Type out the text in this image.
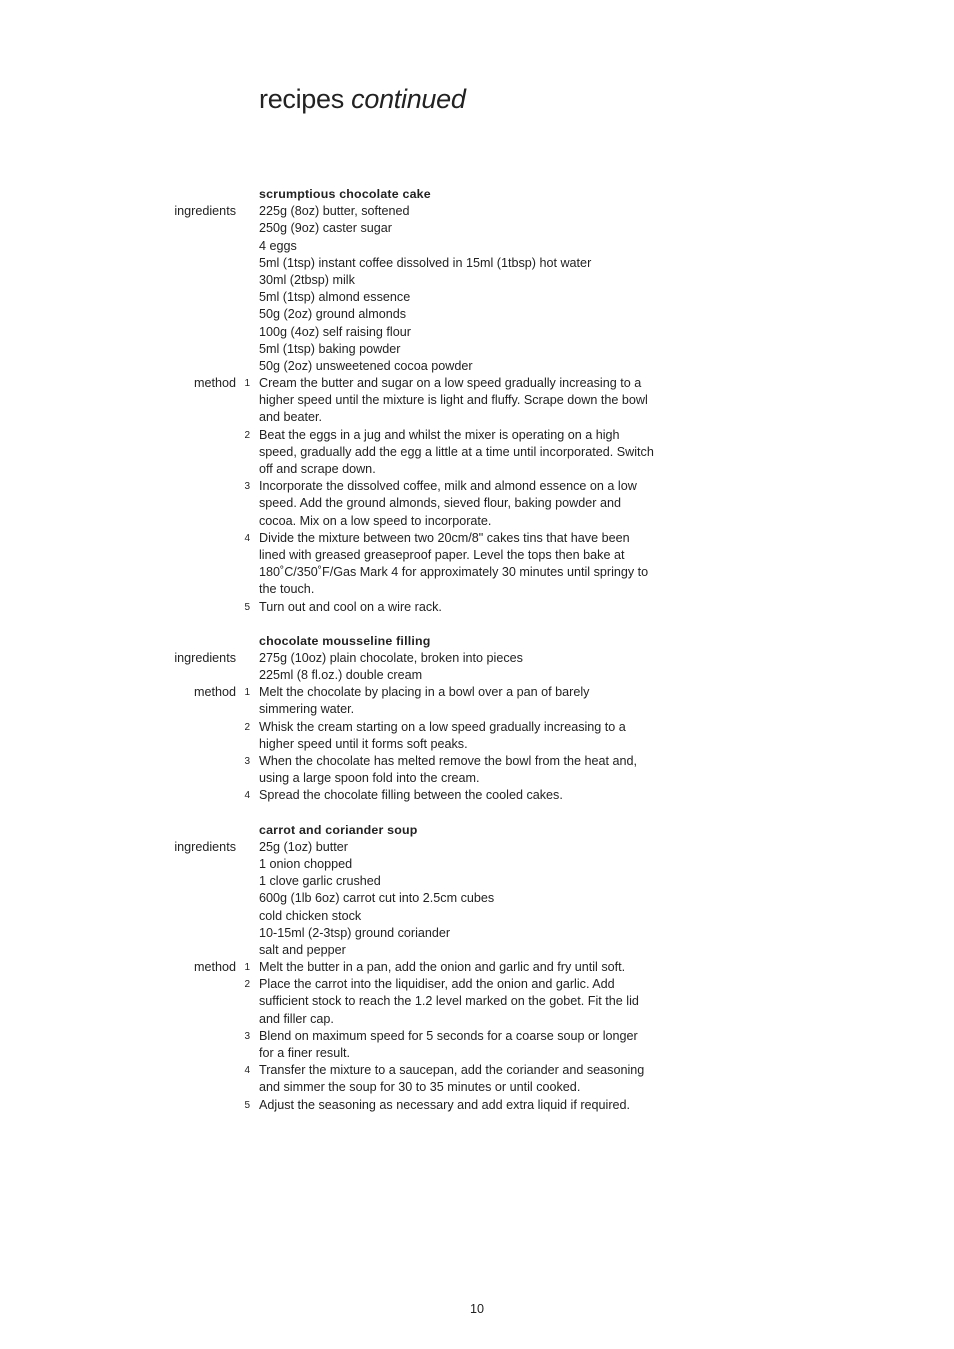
recipes continued
scrumptious chocolate cake
ingredients 225g (8oz) butter, softened
250g (9oz) caster sugar
4 eggs
5ml (1tsp) instant coffee dissolved in 15ml (1tbsp) hot water
30ml (2tbsp) milk
5ml (1tsp) almond essence
50g (2oz) ground almonds
100g (4oz) self raising flour
5ml (1tsp) baking powder
50g (2oz) unsweetened cocoa powder
method 1 Cream the butter and sugar on a low speed gradually increasing to a
higher speed until the mixture is light and fluffy. Scrape down the bowl
and beater.
2 Beat the eggs in a jug and whilst the mixer is operating on a high
speed, gradually add the egg a little at a time until incorporated. Switch
off and scrape down.
3 Incorporate the dissolved coffee, milk and almond essence on a low
speed. Add the ground almonds, sieved flour, baking powder and
cocoa. Mix on a low speed to incorporate.
4 Divide the mixture between two 20cm/8" cakes tins that have been
lined with greased greaseproof paper. Level the tops then bake at
180˚C/350˚F/Gas Mark 4 for approximately 30 minutes until springy to
the touch.
5 Turn out and cool on a wire rack.
chocolate mousseline filling
ingredients 275g (10oz) plain chocolate, broken into pieces
225ml (8 fl.oz.) double cream
method 1 Melt the chocolate by placing in a bowl over a pan of barely
simmering water.
2 Whisk the cream starting on a low speed gradually increasing to a
higher speed until it forms soft peaks.
3 When the chocolate has melted remove the bowl from the heat and,
using a large spoon fold into the cream.
4 Spread the chocolate filling between the cooled cakes.
carrot and coriander soup
ingredients 25g (1oz) butter
1 onion chopped
1 clove garlic crushed
600g (1lb 6oz) carrot cut into 2.5cm cubes
cold chicken stock
10-15ml (2-3tsp) ground coriander
salt and pepper
method 1 Melt the butter in a pan, add the onion and garlic and fry until soft.
2 Place the carrot into the liquidiser, add the onion and garlic. Add
sufficient stock to reach the 1.2 level marked on the gobet. Fit the lid
and filler cap.
3 Blend on maximum speed for 5 seconds for a coarse soup or longer
for a finer result.
4 Transfer the mixture to a saucepan, add the coriander and seasoning
and simmer the soup for 30 to 35 minutes or until cooked.
5 Adjust the seasoning as necessary and add extra liquid if required.
10
